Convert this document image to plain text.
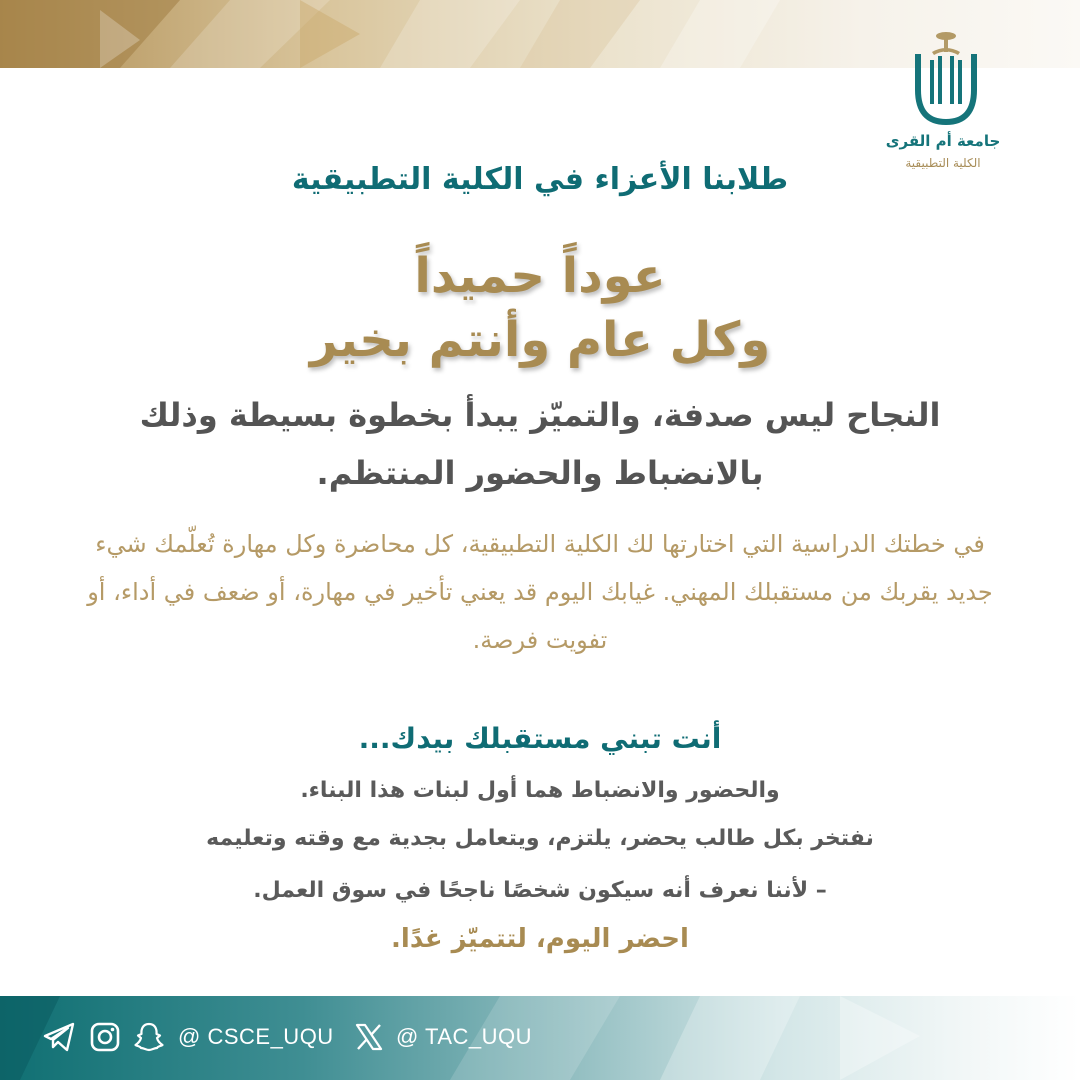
جامعة أم القرى
الكلية التطبيقية
طلابنا الأعزاء في الكلية التطبيقية
عوداً حميداً
وكل عام وأنتم بخير
النجاح ليس صدفة، والتميّز يبدأ بخطوة بسيطة وذلك
بالانضباط والحضور المنتظم.
في خطتك الدراسية التي اختارتها لك الكلية التطبيقية، كل محاضرة وكل مهارة تُعلّمك شيء جديد يقربك من مستقبلك المهني. غيابك اليوم قد يعني تأخير في مهارة، أو ضعف في أداء، أو تفويت فرصة.
أنت تبني مستقبلك بيدك...
والحضور والانضباط هما أول لبنات هذا البناء.
نفتخر بكل طالب يحضر، يلتزم، ويتعامل بجدية مع وقته وتعليمه
– لأننا نعرف أنه سيكون شخصًا ناجحًا في سوق العمل.
احضر اليوم، لتتميّز غدًا.
@ CSCE_UQU	@ TAC_UQU
